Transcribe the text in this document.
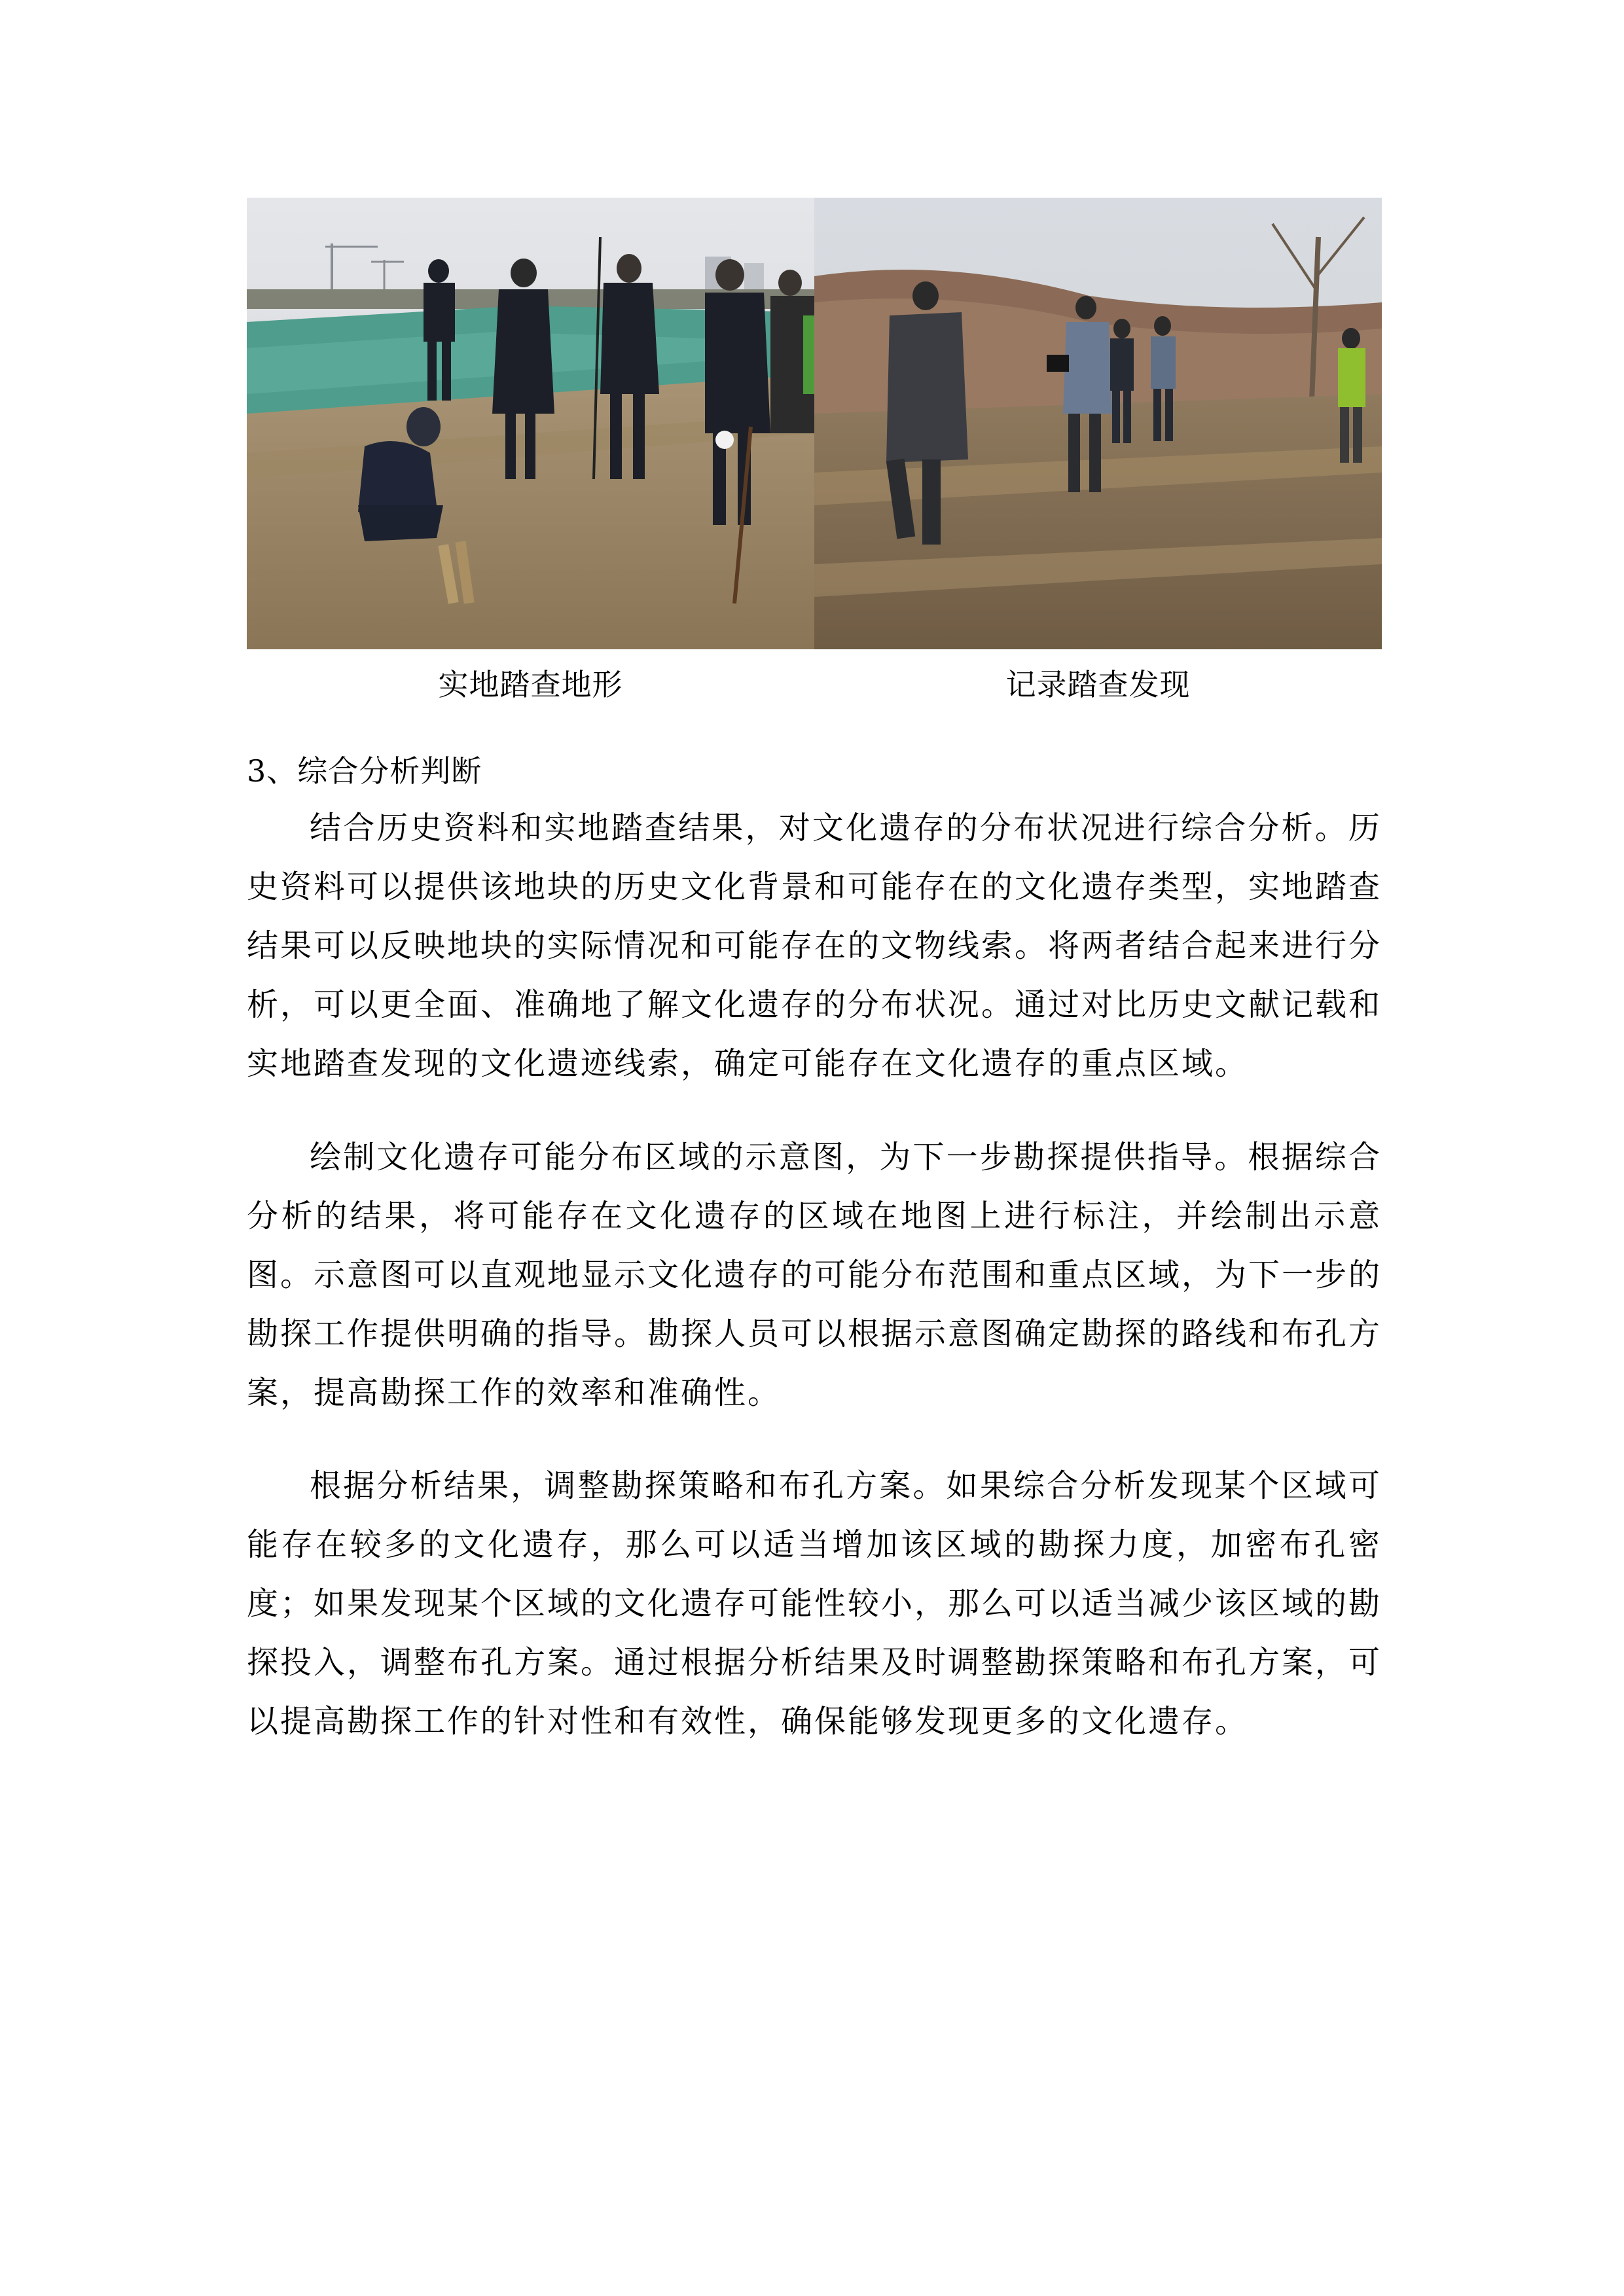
实地踏查地形	记录踏查发现
3、综合分析判断

结合历史资料和实地踏查结果，对文化遗存的分布状况进行综合分析。历史资料可以提供该地块的历史文化背景和可能存在的文化遗存类型，实地踏查结果可以反映地块的实际情况和可能存在的文物线索。将两者结合起来进行分析，可以更全面、准确地了解文化遗存的分布状况。通过对比历史文献记载和实地踏查发现的文化遗迹线索，确定可能存在文化遗存的重点区域。

绘制文化遗存可能分布区域的示意图，为下一步勘探提供指导。根据综合分析的结果，将可能存在文化遗存的区域在地图上进行标注，并绘制出示意图。示意图可以直观地显示文化遗存的可能分布范围和重点区域，为下一步的勘探工作提供明确的指导。勘探人员可以根据示意图确定勘探的路线和布孔方案，提高勘探工作的效率和准确性。

根据分析结果，调整勘探策略和布孔方案。如果综合分析发现某个区域可能存在较多的文化遗存，那么可以适当增加该区域的勘探力度，加密布孔密度；如果发现某个区域的文化遗存可能性较小，那么可以适当减少该区域的勘探投入，调整布孔方案。通过根据分析结果及时调整勘探策略和布孔方案，可以提高勘探工作的针对性和有效性，确保能够发现更多的文化遗存。
